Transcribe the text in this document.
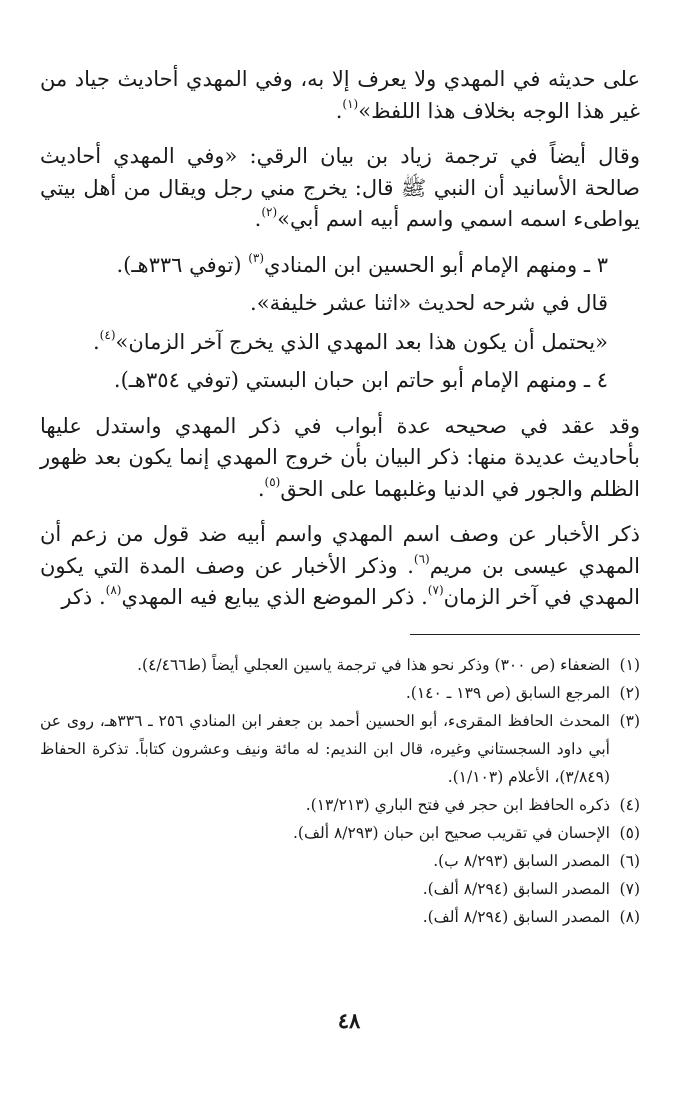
على حديثه في المهدي ولا يعرف إلا به، وفي المهدي أحاديث جياد من غير هذا الوجه بخلاف هذا اللفظ»$^{(١)}$.

وقال أيضاً في ترجمة زياد بن بيان الرقي: «وفي المهدي أحاديث صالحة الأسانيد أن النبي ﷺ قال: يخرج مني رجل ويقال من أهل بيتي يواطىء اسمه اسمي واسم أبيه اسم أبي»$^{(٢)}$.

٣ ـ ومنهم الإمام أبو الحسين ابن المنادي$^{(٣)}$ (توفي ٣٣٦هـ).

قال في شرحه لحديث «اثنا عشر خليفة».

«يحتمل أن يكون هذا بعد المهدي الذي يخرج آخر الزمان»$^{(٤)}$.

٤ ـ ومنهم الإمام أبو حاتم ابن حبان البستي (توفي ٣٥٤هـ).

وقد عقد في صحيحه عدة أبواب في ذكر المهدي واستدل عليها بأحاديث عديدة منها: ذكر البيان بأن خروج المهدي إنما يكون بعد ظهور الظلم والجور في الدنيا وغلبهما على الحق$^{(٥)}$.

ذكر الأخبار عن وصف اسم المهدي واسم أبيه ضد قول من زعم أن المهدي عيسى بن مريم$^{(٦)}$. وذكر الأخبار عن وصف المدة التي يكون المهدي في آخر الزمان$^{(٧)}$. ذكر الموضع الذي يبايع فيه المهدي$^{(٨)}$. ذكر

(١)
الضعفاء (ص ٣٠٠) وذكر نحو هذا في ترجمة ياسين العجلي أيضاً (ط٤/٤٦٦).
(٢)
المرجع السابق (ص ١٣٩ ـ ١٤٠).
(٣)
المحدث الحافظ المقرىء، أبو الحسين أحمد بن جعفر ابن المنادي ٢٥٦ ـ ٣٣٦هـ، روى عن أبي داود السجستاني وغيره، قال ابن النديم: له مائة ونيف وعشرون كتاباً. تذكرة الحفاظ (٣/٨٤٩)، الأعلام (١/١٠٣).
(٤)
ذكره الحافظ ابن حجر في فتح الباري (١٣/٢١٣).
(٥)
الإحسان في تقريب صحيح ابن حبان (٨/٢٩٣ ألف).
(٦)
المصدر السابق (٨/٢٩٣ ب).
(٧)
المصدر السابق (٨/٢٩٤ ألف).
(٨)
المصدر السابق (٨/٢٩٤ ألف).
٤٨
